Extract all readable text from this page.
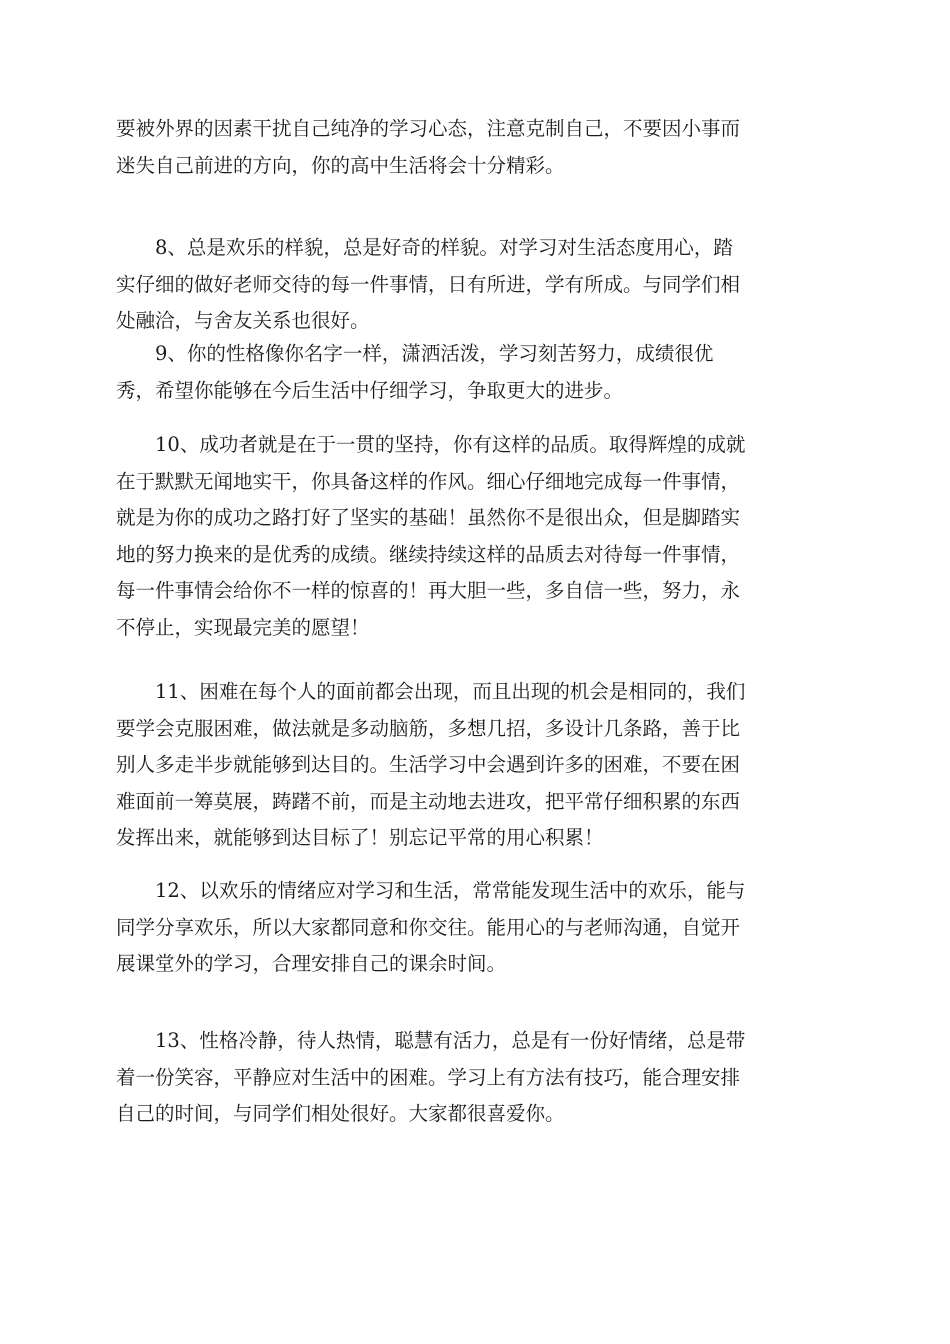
要被外界的因素干扰自己纯净的学习心态，注意克制自己，不要因小事而
迷失自己前进的方向，你的高中生活将会十分精彩。

　　8、总是欢乐的样貌，总是好奇的样貌。对学习对生活态度用心，踏
实仔细的做好老师交待的每一件事情，日有所进，学有所成。与同学们相
处融洽，与舍友关系也很好。

　　9、你的性格像你名字一样，潇洒活泼，学习刻苦努力，成绩很优
秀，希望你能够在今后生活中仔细学习，争取更大的进步。

　　10、成功者就是在于一贯的坚持，你有这样的品质。取得辉煌的成就
在于默默无闻地实干，你具备这样的作风。细心仔细地完成每一件事情，
就是为你的成功之路打好了坚实的基础！虽然你不是很出众，但是脚踏实
地的努力换来的是优秀的成绩。继续持续这样的品质去对待每一件事情，
每一件事情会给你不一样的惊喜的！再大胆一些，多自信一些，努力，永
不停止，实现最完美的愿望！

　　11、困难在每个人的面前都会出现，而且出现的机会是相同的，我们
要学会克服困难，做法就是多动脑筋，多想几招，多设计几条路，善于比
别人多走半步就能够到达目的。生活学习中会遇到许多的困难，不要在困
难面前一筹莫展，踌躇不前，而是主动地去进攻，把平常仔细积累的东西
发挥出来，就能够到达目标了！别忘记平常的用心积累！

　　12、以欢乐的情绪应对学习和生活，常常能发现生活中的欢乐，能与
同学分享欢乐，所以大家都同意和你交往。能用心的与老师沟通，自觉开
展课堂外的学习，合理安排自己的课余时间。

　　13、性格冷静，待人热情，聪慧有活力，总是有一份好情绪，总是带
着一份笑容，平静应对生活中的困难。学习上有方法有技巧，能合理安排
自己的时间，与同学们相处很好。大家都很喜爱你。
